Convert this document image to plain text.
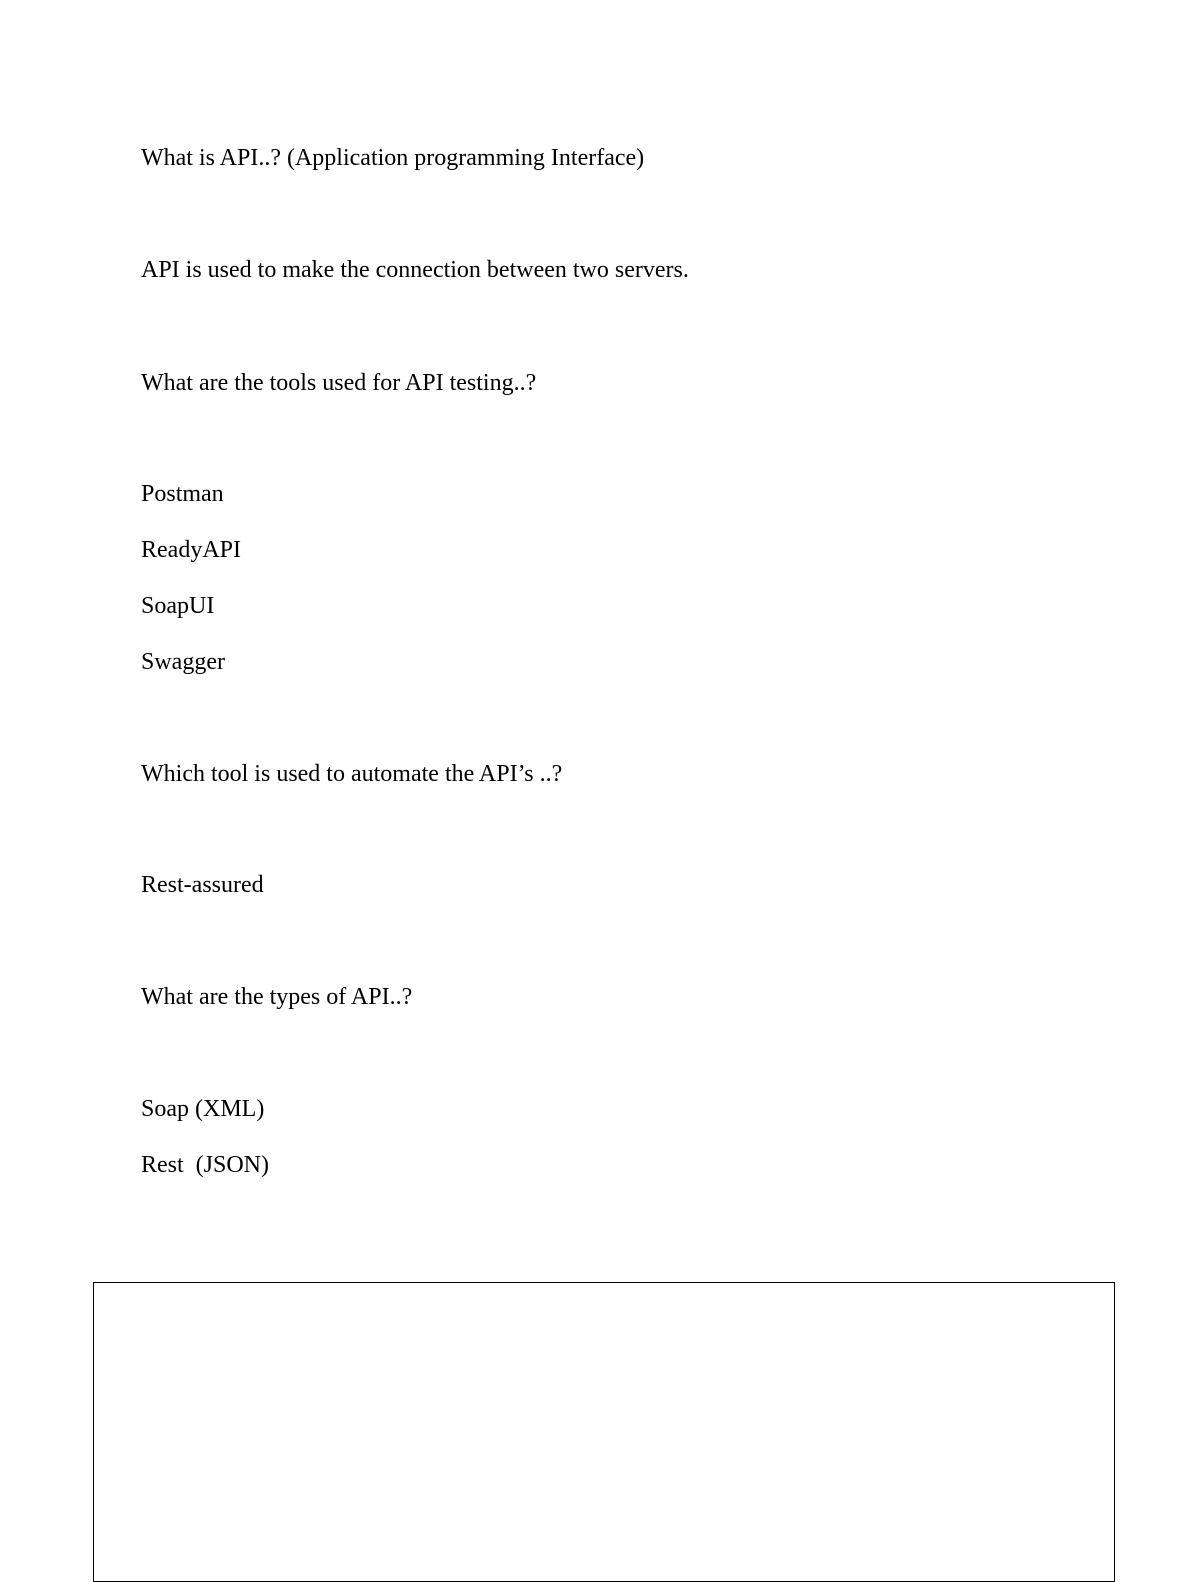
What is API..? (Application programming Interface)

API is used to make the connection between two servers.

What are the tools used for API testing..?

Postman

ReadyAPI

SoapUI

Swagger

Which tool is used to automate the API’s ..?

Rest-assured

What are the types of API..?

Soap (XML)

Rest  (JSON)
